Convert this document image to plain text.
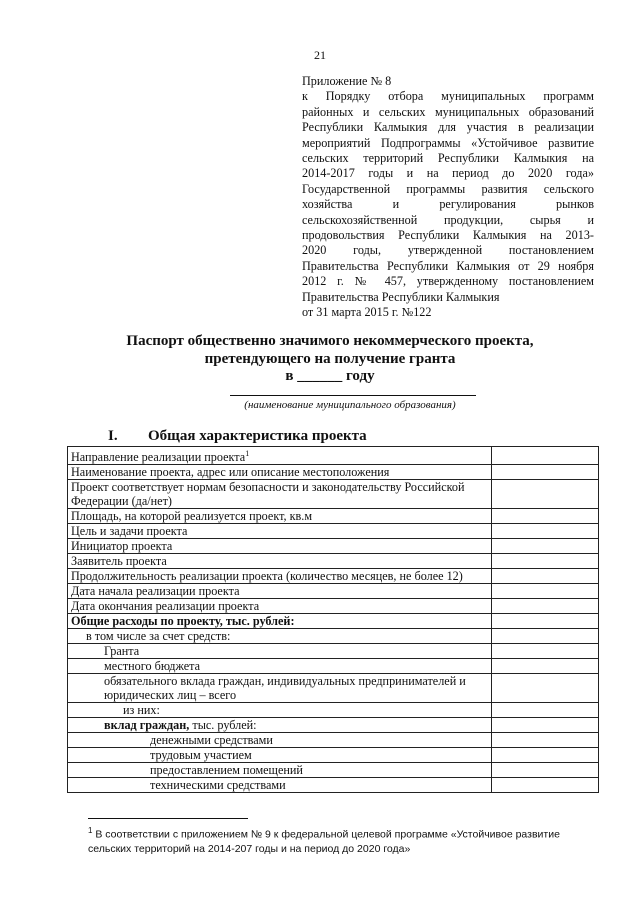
21
Приложение № 8
к Порядку отбора муниципальных программ
районных и сельских муниципальных образований
Республики Калмыкия для участия в реализации
мероприятий Подпрограммы «Устойчивое развитие
сельских территорий Республики Калмыкия на
2014-2017 годы и на период до 2020 года»
Государственной программы развития сельского
хозяйства и регулирования рынков
сельскохозяйственной продукции, сырья и
продовольствия Республики Калмыкия на 2013-
2020 годы, утвержденной постановлением
Правительства Республики Калмыкия от 29 ноября
2012 г. № 457, утвержденному постановлением
Правительства Республики Калмыкия
от 31 марта 2015 г. №122
Паспорт общественно значимого некоммерческого проекта,
претендующего на получение гранта
в ______ году
(наименование муниципального образования)
I. Общая характеристика проекта
Направление реализации проекта$^1$	
Наименование проекта, адрес или описание местоположения	
Проект соответствует нормам безопасности и законодательству Российской Федерации (да/нет)	
Площадь, на которой реализуется проект, кв.м	
Цель и задачи проекта	
Инициатор проекта	
Заявитель проекта	
Продолжительность реализации проекта (количество месяцев, не более 12)	
Дата начала реализации проекта	
Дата окончания реализации проекта	
Общие расходы по проекту, тыс. рублей:	
в том числе за счет средств:	
Гранта	
местного бюджета	
обязательного вклада граждан, индивидуальных предпринимателей и юридических лиц – всего	
из них:	
вклад граждан, тыс. рублей:	
денежными средствами	
трудовым участием	
предоставлением помещений	
техническими средствами	
$^1$ В соответствии с приложением № 9 к федеральной целевой программе «Устойчивое развитие сельских территорий на 2014-207 годы и на период до 2020 года»
